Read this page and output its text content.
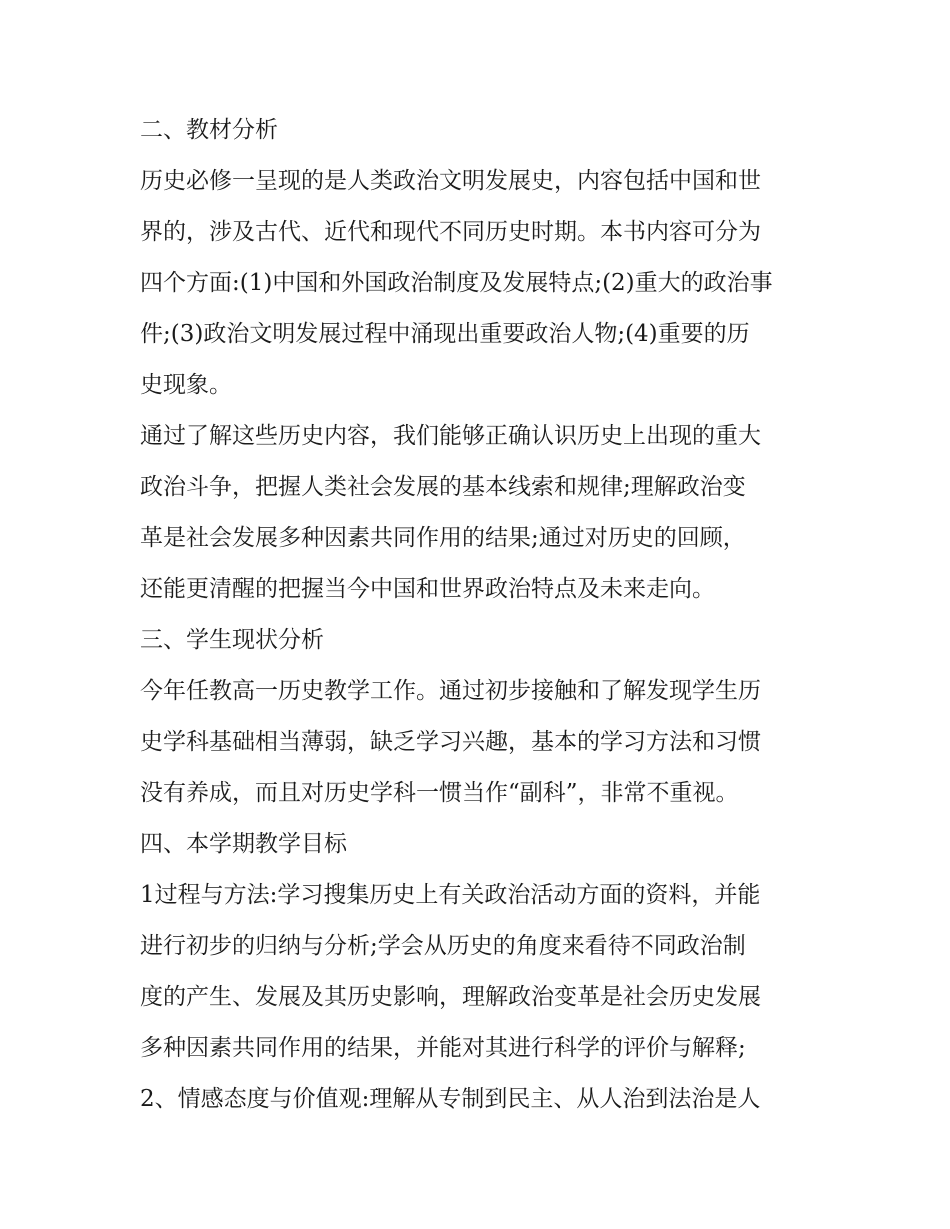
二、教材分析
历史必修一呈现的是人类政治文明发展史，内容包括中国和世
界的，涉及古代、近代和现代不同历史时期。本书内容可分为
四个方面:(1)中国和外国政治制度及发展特点;(2)重大的政治事
件;(3)政治文明发展过程中涌现出重要政治人物;(4)重要的历
史现象。
通过了解这些历史内容，我们能够正确认识历史上出现的重大
政治斗争，把握人类社会发展的基本线索和规律;理解政治变
革是社会发展多种因素共同作用的结果;通过对历史的回顾，
还能更清醒的把握当今中国和世界政治特点及未来走向。
三、学生现状分析
今年任教高一历史教学工作。通过初步接触和了解发现学生历
史学科基础相当薄弱，缺乏学习兴趣，基本的学习方法和习惯
没有养成，而且对历史学科一惯当作“副科”，非常不重视。
四、本学期教学目标
1过程与方法:学习搜集历史上有关政治活动方面的资料，并能
进行初步的归纳与分析;学会从历史的角度来看待不同政治制
度的产生、发展及其历史影响，理解政治变革是社会历史发展
多种因素共同作用的结果，并能对其进行科学的评价与解释;
2、情感态度与价值观:理解从专制到民主、从人治到法治是人
